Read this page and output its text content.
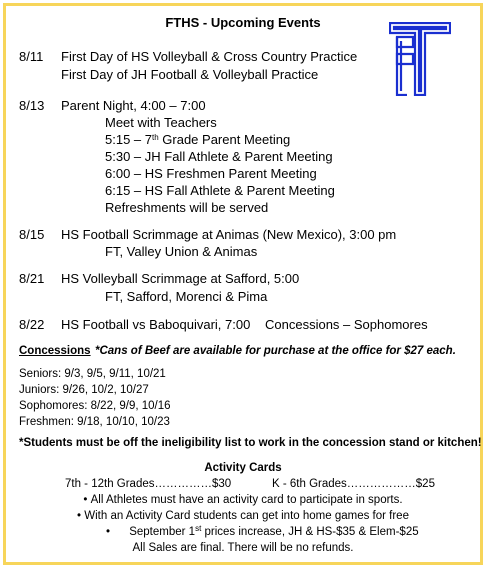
FTHS - Upcoming Events
8/11 First Day of HS Volleyball & Cross Country Practice
First Day of JH Football & Volleyball Practice
8/13 Parent Night, 4:00 – 7:00
Meet with Teachers
5:15 – 7th Grade Parent Meeting
5:30 – JH Fall Athlete & Parent Meeting
6:00 – HS Freshmen Parent Meeting
6:15 – HS Fall Athlete & Parent Meeting
Refreshments will be served
8/15 HS Football Scrimmage at Animas (New Mexico), 3:00 pm
FT, Valley Union & Animas
8/21 HS Volleyball Scrimmage at Safford, 5:00
FT, Safford, Morenci & Pima
8/22 HS Football vs Baboquivari, 7:00 Concessions – Sophomores
Concessions *Cans of Beef are available for purchase at the office for $27 each.
Seniors: 9/3, 9/5, 9/11, 10/21
Juniors: 9/26, 10/2, 10/27
Sophomores: 8/22, 9/9, 10/16
Freshmen: 9/18, 10/10, 10/23
*Students must be off the ineligibility list to work in the concession stand or kitchen!
Activity Cards
7th - 12th Grades……………$30	K - 6th Grades………………$25
• All Athletes must have an activity card to participate in sports.
• With an Activity Card students can get into home games for free
•      September 1st prices increase, JH & HS-$35 & Elem-$25
All Sales are final. There will be no refunds.
